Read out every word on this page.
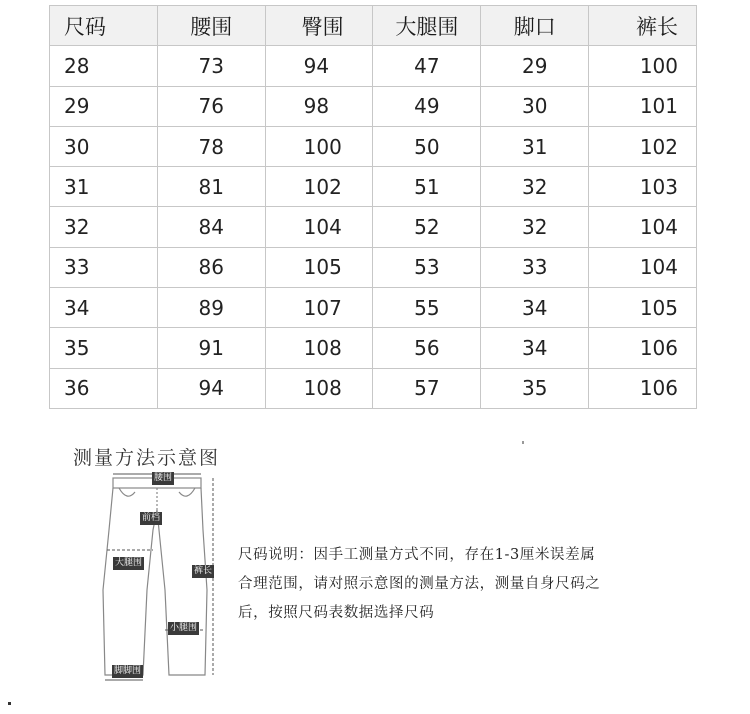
尺码	腰围	臀围	大腿围	脚口	裤长
28	73	94	47	29	100
29	76	98	49	30	101
30	78	100	50	31	102
31	81	102	51	32	103
32	84	104	52	32	104
33	86	105	53	33	104
34	89	107	55	34	105
35	91	108	56	34	106
36	94	108	57	35	106
测量方法示意图
腰围
前档
大腿围
裤长
小腿围
脚脚围
尺码说明：因手工测量方式不同，存在1-3厘米误差属
合理范围，请对照示意图的测量方法，测量自身尺码之
后，按照尺码表数据选择尺码
